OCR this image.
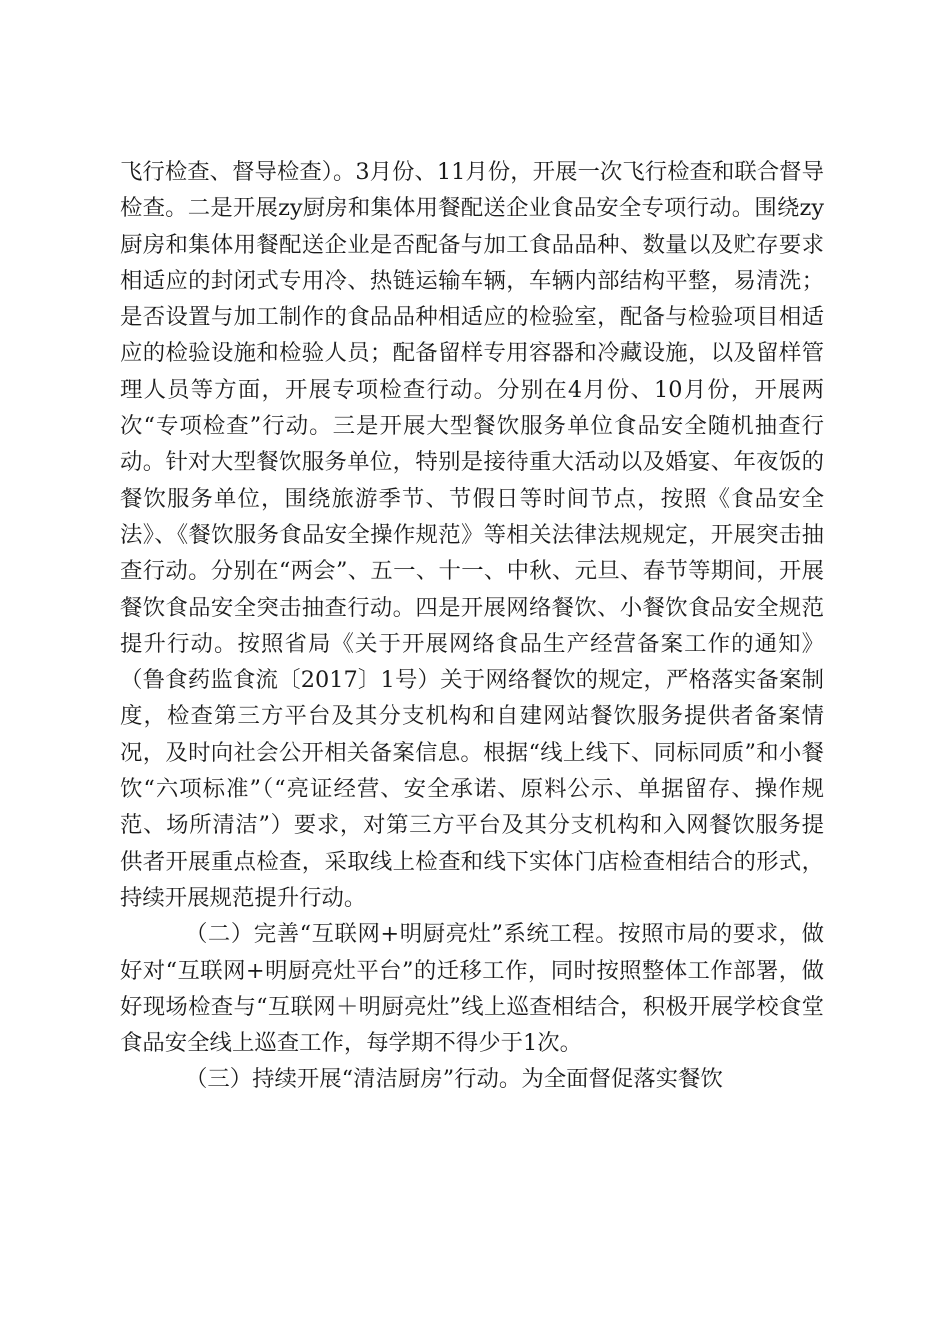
飞行检查、督导检查）。3月份、11月份，开展一次飞行检查和联合督导检查。二是开展zy厨房和集体用餐配送企业食品安全专项行动。围绕zy厨房和集体用餐配送企业是否配备与加工食品品种、数量以及贮存要求相适应的封闭式专用冷、热链运输车辆，车辆内部结构平整，易清洗；是否设置与加工制作的食品品种相适应的检验室，配备与检验项目相适应的检验设施和检验人员；配备留样专用容器和冷藏设施，以及留样管理人员等方面，开展专项检查行动。分别在4月份、10月份，开展两次“专项检查”行动。三是开展大型餐饮服务单位食品安全随机抽查行动。针对大型餐饮服务单位，特别是接待重大活动以及婚宴、年夜饭的餐饮服务单位，围绕旅游季节、节假日等时间节点，按照《食品安全法》、《餐饮服务食品安全操作规范》等相关法律法规规定，开展突击抽查行动。分别在“两会”、五一、十一、中秋、元旦、春节等期间，开展餐饮食品安全突击抽查行动。四是开展网络餐饮、小餐饮食品安全规范提升行动。按照省局《关于开展网络食品生产经营备案工作的通知》（鲁食药监食流〔2017〕1号）关于网络餐饮的规定，严格落实备案制度，检查第三方平台及其分支机构和自建网站餐饮服务提供者备案情况，及时向社会公开相关备案信息。根据“线上线下、同标同质”和小餐饮“六项标准”（“亮证经营、安全承诺、原料公示、单据留存、操作规范、场所清洁”）要求，对第三方平台及其分支机构和入网餐饮服务提供者开展重点检查，采取线上检查和线下实体门店检查相结合的形式，持续开展规范提升行动。

（二）完善“互联网+明厨亮灶”系统工程。按照市局的要求，做好对“互联网+明厨亮灶平台”的迁移工作，同时按照整体工作部署，做好现场检查与“互联网＋明厨亮灶”线上巡查相结合，积极开展学校食堂食品安全线上巡查工作，每学期不得少于1次。

（三）持续开展“清洁厨房”行动。为全面督促落实餐饮
